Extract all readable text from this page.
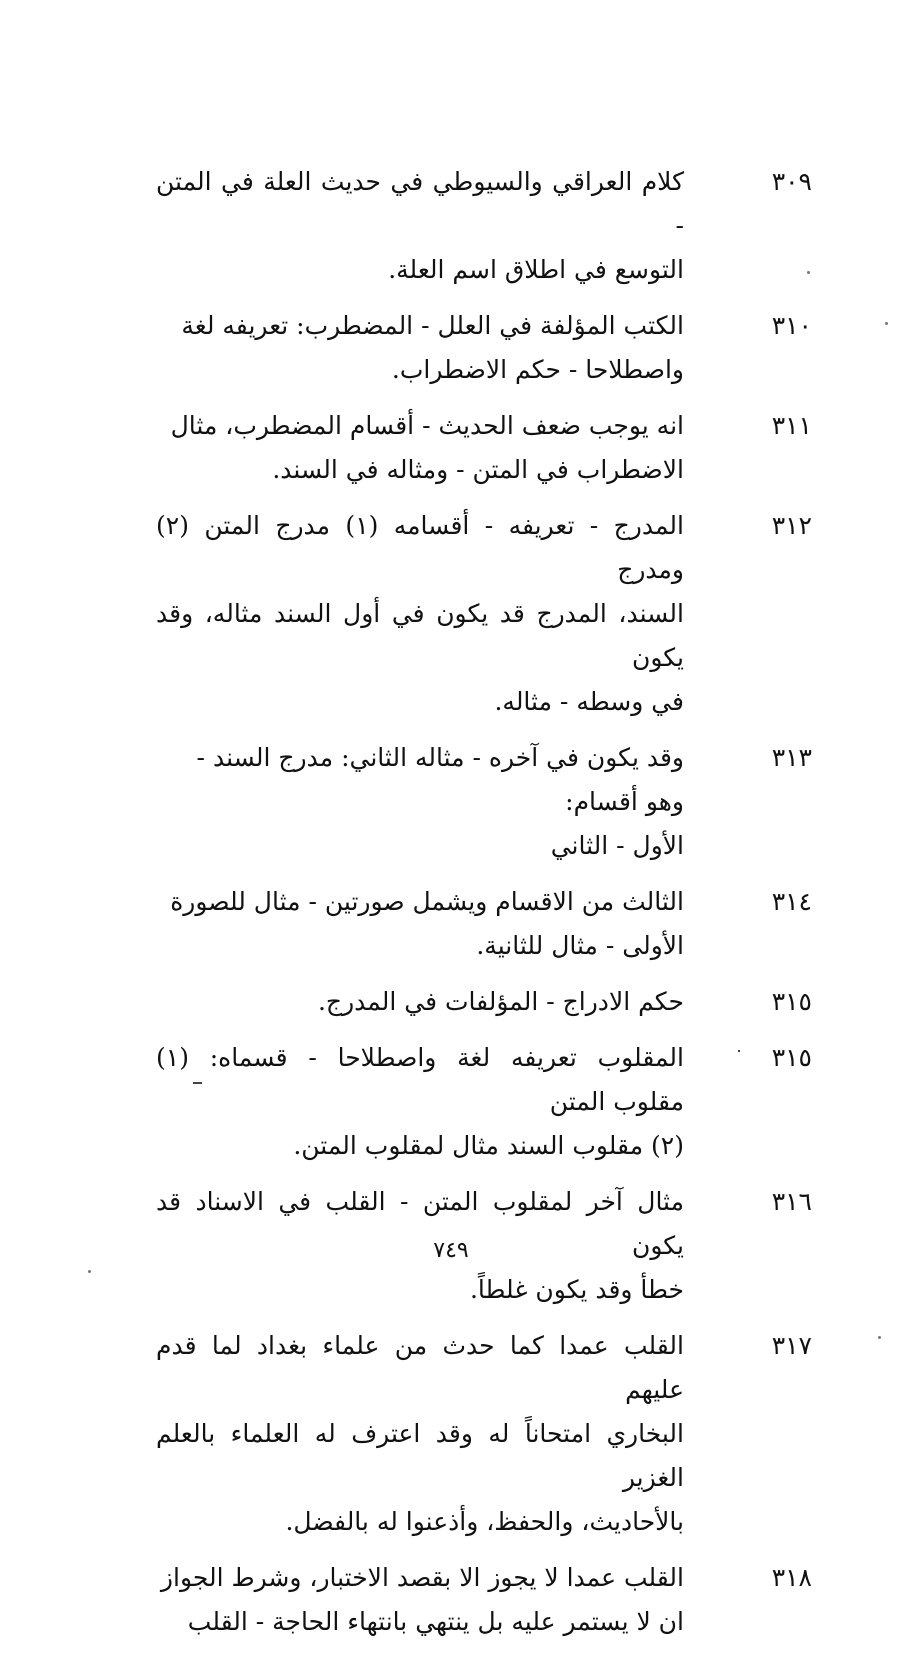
٣٠٩
كلام العراقي والسيوطي في حديث العلة في المتن -
التوسع في اطلاق اسم العلة.
٣١٠
الكتب المؤلفة في العلل - المضطرب: تعريفه لغة
واصطلاحا - حكم الاضطراب.
٣١١
انه يوجب ضعف الحديث - أقسام المضطرب، مثال
الاضطراب في المتن - ومثاله في السند.
٣١٢
المدرج - تعريفه - أقسامه (١) مدرج المتن (٢) ومدرج
السند، المدرج قد يكون في أول السند مثاله، وقد يكون
في وسطه - مثاله.
٣١٣
وقد يكون في آخره - مثاله الثاني: مدرج السند -
وهو أقسام:
الأول - الثاني
٣١٤
الثالث من الاقسام ويشمل صورتين - مثال للصورة
الأولى - مثال للثانية.
٣١٥
حكم الادراج - المؤلفات في المدرج.
٣١٥
المقلوب تعريفه لغة واصطلاحا - قسماه: (١) مقلوب المتن
(٢) مقلوب السند مثال لمقلوب المتن.
٣١٦
مثال آخر لمقلوب المتن - القلب في الاسناد قد يكون
خطأ وقد يكون غلطاً.
٣١٧
القلب عمدا كما حدث من علماء بغداد لما قدم عليهم
البخاري امتحاناً له وقد اعترف له العلماء بالعلم الغزير
بالأحاديث، والحفظ، وأذعنوا له بالفضل.
٣١٨
القلب عمدا لا يجوز الا بقصد الاختبار، وشرط الجواز
ان لا يستمر عليه بل ينتهي بانتهاء الحاجة - القلب
٧٤٩
